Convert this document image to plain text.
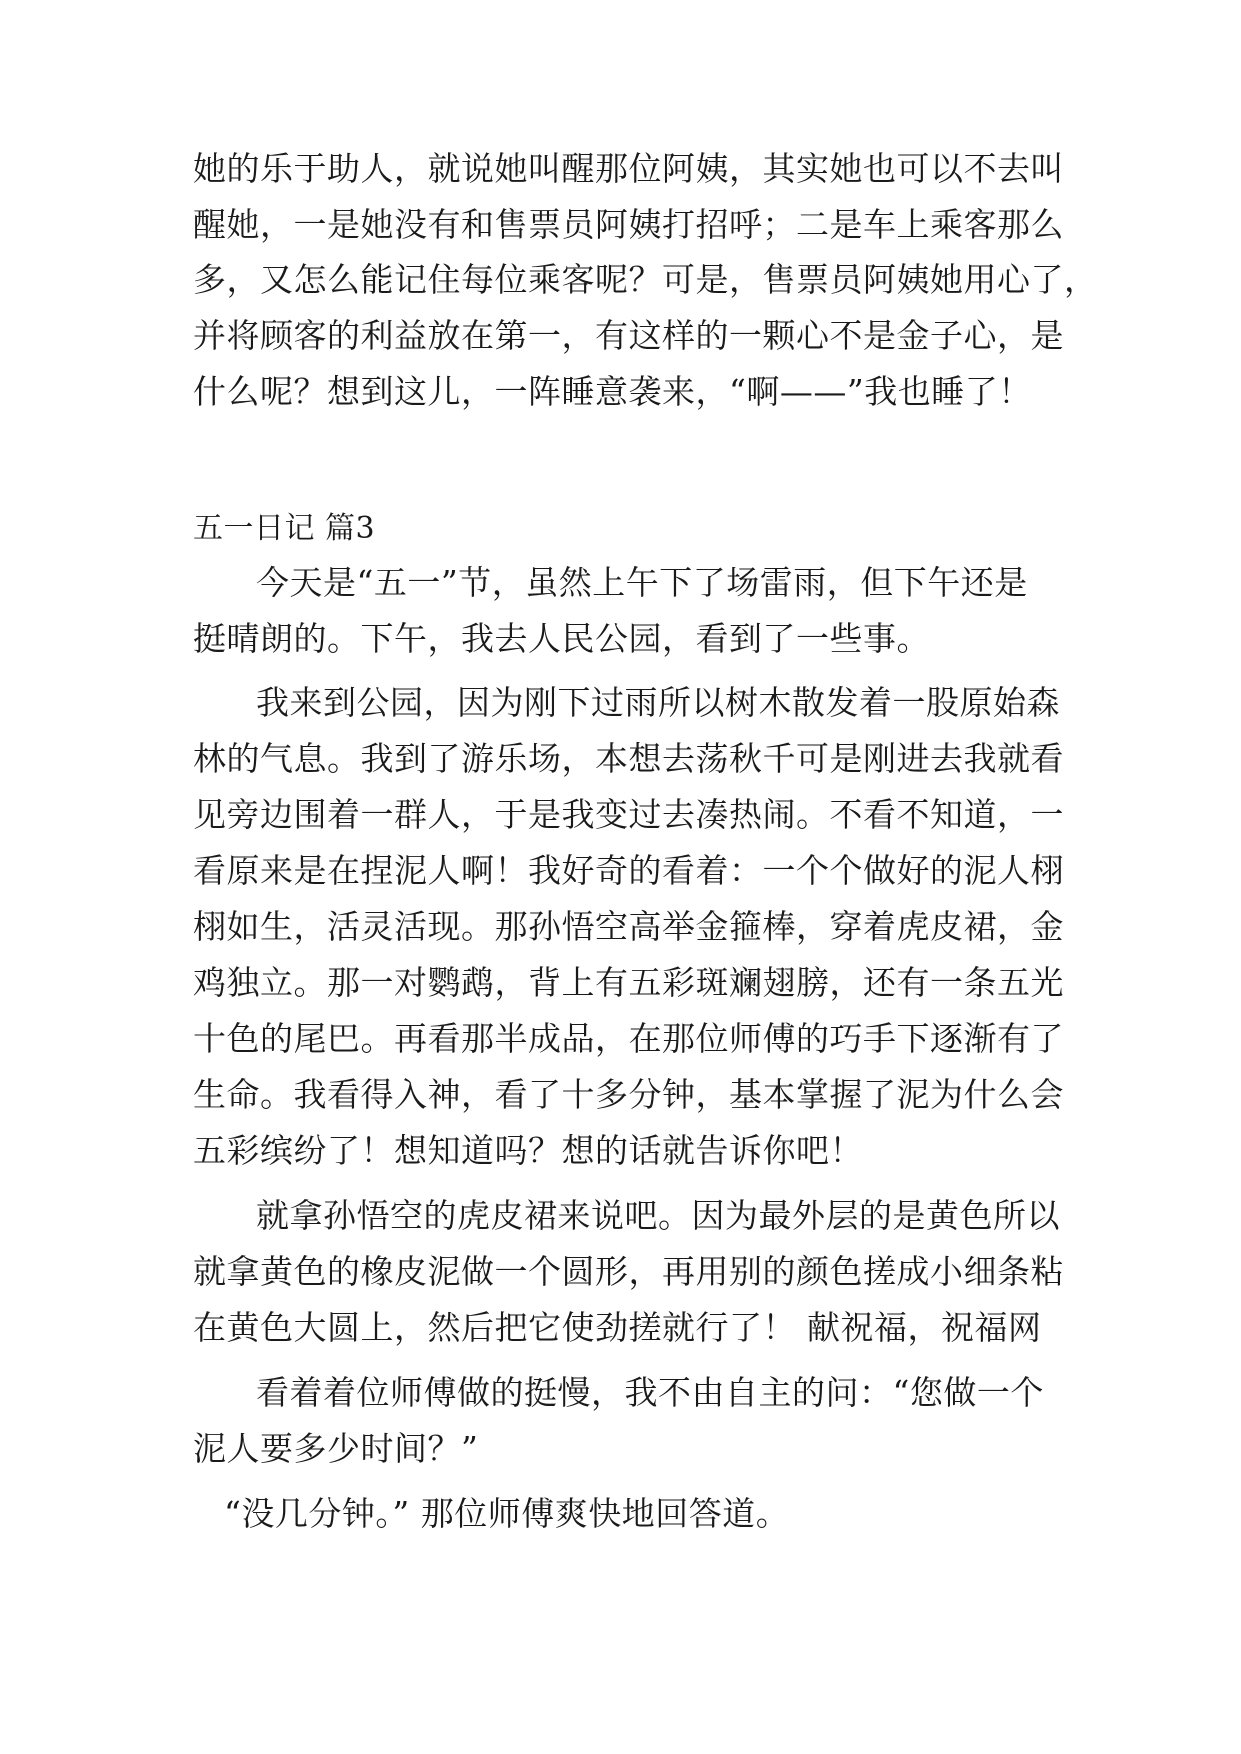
她的乐于助人，就说她叫醒那位阿姨，其实她也可以不去叫
醒她，一是她没有和售票员阿姨打招呼；二是车上乘客那么
多，又怎么能记住每位乘客呢？可是，售票员阿姨她用心了，
并将顾客的利益放在第一，有这样的一颗心不是金子心，是
什么呢？想到这儿，一阵睡意袭来，“啊——”我也睡了！
五一日记 篇3
今天是“五一”节，虽然上午下了场雷雨，但下午还是
挺晴朗的。下午，我去人民公园，看到了一些事。
我来到公园，因为刚下过雨所以树木散发着一股原始森
林的气息。我到了游乐场，本想去荡秋千可是刚进去我就看
见旁边围着一群人，于是我变过去凑热闹。不看不知道，一
看原来是在捏泥人啊！我好奇的看着：一个个做好的泥人栩
栩如生，活灵活现。那孙悟空高举金箍棒，穿着虎皮裙，金
鸡独立。那一对鹦鹉，背上有五彩斑斓翅膀，还有一条五光
十色的尾巴。再看那半成品，在那位师傅的巧手下逐渐有了
生命。我看得入神，看了十多分钟，基本掌握了泥为什么会
五彩缤纷了！想知道吗？想的话就告诉你吧！
就拿孙悟空的虎皮裙来说吧。因为最外层的是黄色所以
就拿黄色的橡皮泥做一个圆形，再用别的颜色搓成小细条粘
在黄色大圆上，然后把它使劲搓就行了！ 献祝福，祝福网
看着着位师傅做的挺慢，我不由自主的问：“您做一个
泥人要多少时间？”
“没几分钟。” 那位师傅爽快地回答道。
